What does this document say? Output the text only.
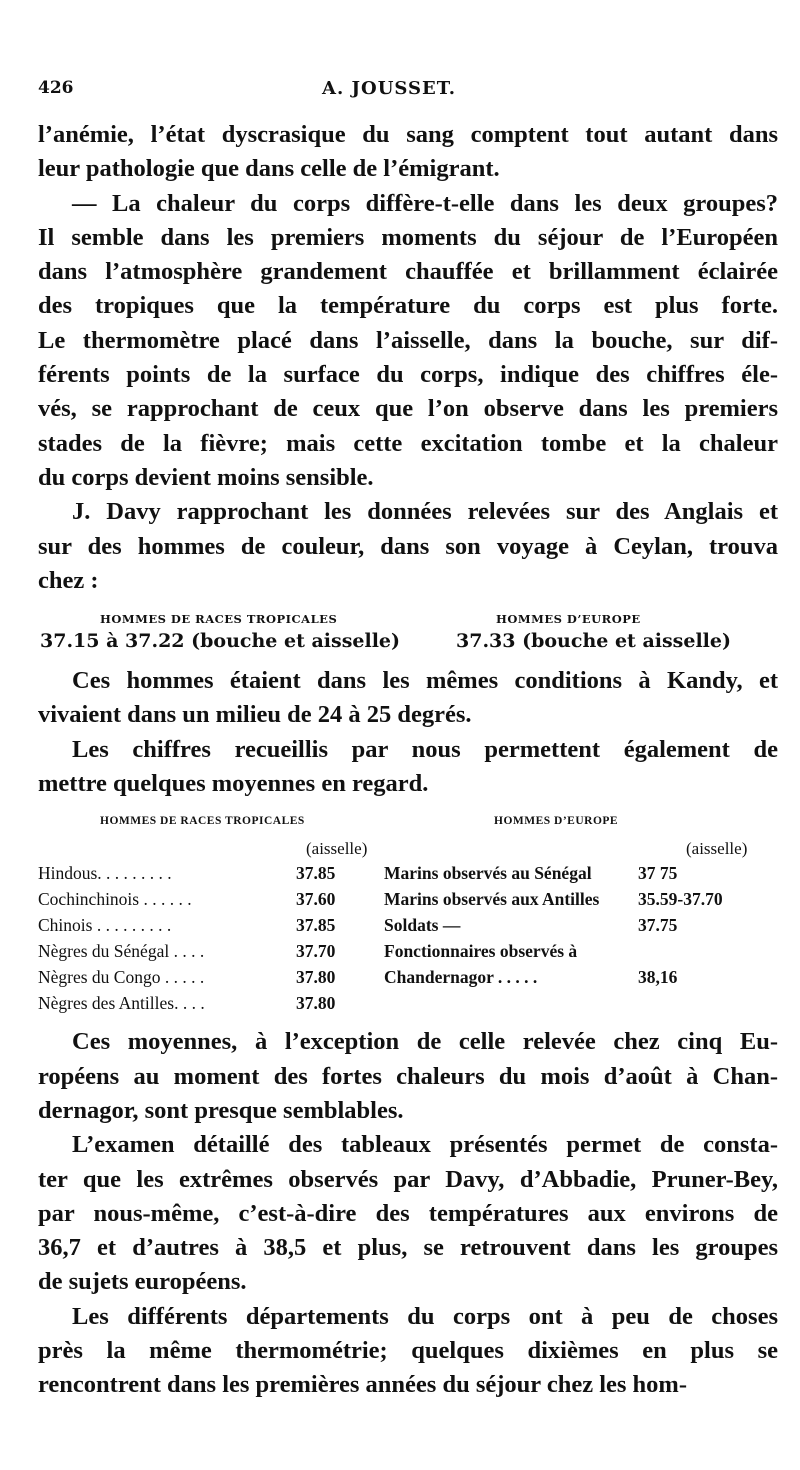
426	A. JOUSSET.
l’anémie, l’état dyscrasique du sang comptent tout autant dans
leur pathologie que dans celle de l’émigrant.
— La chaleur du corps diffère-t-elle dans les deux groupes?
Il semble dans les premiers moments du séjour de l’Européen
dans l’atmosphère grandement chauffée et brillamment éclairée
des tropiques que la température du corps est plus forte.
Le thermomètre placé dans l’aisselle, dans la bouche, sur dif-
férents points de la surface du corps, indique des chiffres éle-
vés, se rapprochant de ceux que l’on observe dans les premiers
stades de la fièvre; mais cette excitation tombe et la chaleur
du corps devient moins sensible.
J. Davy rapprochant les données relevées sur des Anglais et
sur des hommes de couleur, dans son voyage à Ceylan, trouva
chez :
HOMMES DE RACES TROPICALES	HOMMES D’EUROPE
37.15 à 37.22 (bouche et aisselle)	37.33 (bouche et aisselle)
Ces hommes étaient dans les mêmes conditions à Kandy, et
vivaient dans un milieu de 24 à 25 degrés.
Les chiffres recueillis par nous permettent également de
mettre quelques moyennes en regard.
HOMMES DE RACES TROPICALES	HOMMES D’EUROPE
(aisselle)	(aisselle)
Hindous. . . . . . . . .	37.85	Marins observés au Sénégal	37 75
Cochinchinois . . . . . .	37.60	Marins observés aux Antilles 35.59-37.70
Chinois . . . . . . . . .	37.85	Soldats —	37.75
Nègres du Sénégal . . . .	37.70	Fonctionnaires observés à
Nègres du Congo . . . . .	37.80	Chandernagor . . . . .	38,16
Nègres des Antilles. . . .	37.80
Ces moyennes, à l’exception de celle relevée chez cinq Eu-
ropéens au moment des fortes chaleurs du mois d’août à Chan-
dernagor, sont presque semblables.
L’examen détaillé des tableaux présentés permet de consta-
ter que les extrêmes observés par Davy, d’Abbadie, Pruner-Bey,
par nous-même, c’est-à-dire des températures aux environs de
36,7 et d’autres à 38,5 et plus, se retrouvent dans les groupes
de sujets européens.
Les différents départements du corps ont à peu de choses
près la même thermométrie; quelques dixièmes en plus se
rencontrent dans les premières années du séjour chez les hom-
